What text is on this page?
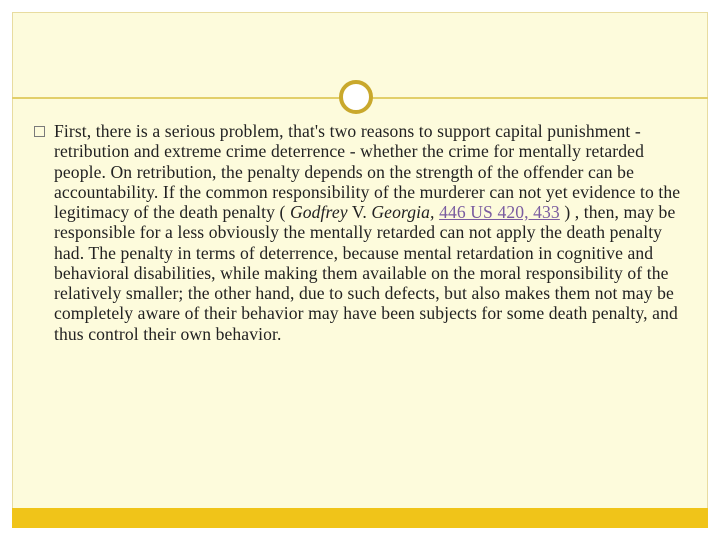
First, there is a serious problem, that's two reasons to support capital punishment - retribution and extreme crime deterrence - whether the crime for mentally retarded people. On retribution, the penalty depends on the strength of the offender can be accountability. If the common responsibility of the murderer can not yet evidence to the legitimacy of the death penalty ( Godfrey V. Georgia, 446 US 420, 433 ) , then, may be responsible for a less obviously the mentally retarded can not apply the death penalty had. The penalty in terms of deterrence, because mental retardation in cognitive and behavioral disabilities, while making them available on the moral responsibility of the relatively smaller; the other hand, due to such defects, but also makes them not may be completely aware of their behavior may have been subjects for some death penalty, and thus control their own behavior.
